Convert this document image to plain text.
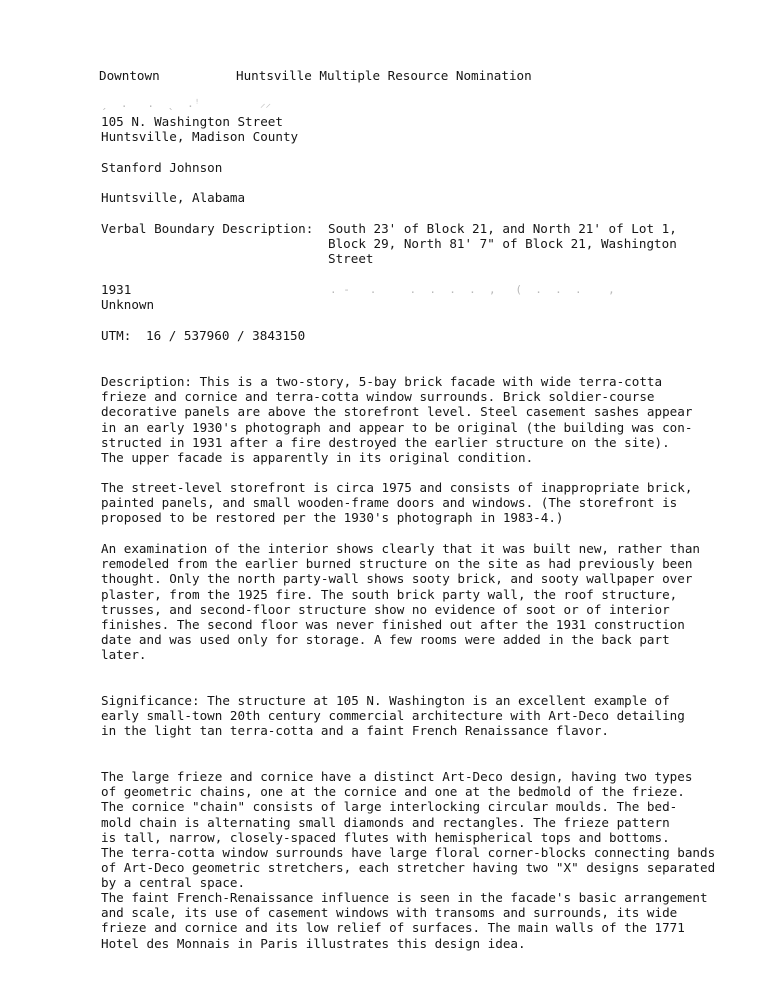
Downtown	Huntsville Multiple Resource Nomination
ˏ  .   .  ˎ  .ꜝ         ⸝⸝
105 N. Washington Street
Huntsville, Madison County
Stanford Johnson
Huntsville, Alabama
Verbal Boundary Description: South 23' of Block 21, and North 21' of Lot 1,
Block 29, North 81' 7" of Block 21, Washington
Street
1931	. -   .     .  .  .  .  ,   (  .  .  .    ,
Unknown
UTM: 16 / 537960 / 3843150
Description: This is a two-story, 5-bay brick facade with wide terra-cotta
frieze and cornice and terra-cotta window surrounds. Brick soldier-course
decorative panels are above the storefront level. Steel casement sashes appear
in an early 1930's photograph and appear to be original (the building was con-
structed in 1931 after a fire destroyed the earlier structure on the site).
The upper facade is apparently in its original condition.
The street-level storefront is circa 1975 and consists of inappropriate brick,
painted panels, and small wooden-frame doors and windows. (The storefront is
proposed to be restored per the 1930's photograph in 1983-4.)
An examination of the interior shows clearly that it was built new, rather than
remodeled from the earlier burned structure on the site as had previously been
thought. Only the north party-wall shows sooty brick, and sooty wallpaper over
plaster, from the 1925 fire. The south brick party wall, the roof structure,
trusses, and second-floor structure show no evidence of soot or of interior
finishes. The second floor was never finished out after the 1931 construction
date and was used only for storage. A few rooms were added in the back part
later.
Significance: The structure at 105 N. Washington is an excellent example of
early small-town 20th century commercial architecture with Art-Deco detailing
in the light tan terra-cotta and a faint French Renaissance flavor.
The large frieze and cornice have a distinct Art-Deco design, having two types
of geometric chains, one at the cornice and one at the bedmold of the frieze.
The cornice "chain" consists of large interlocking circular moulds. The bed-
mold chain is alternating small diamonds and rectangles. The frieze pattern
is tall, narrow, closely-spaced flutes with hemispherical tops and bottoms.
The terra-cotta window surrounds have large floral corner-blocks connecting bands
of Art-Deco geometric stretchers, each stretcher having two "X" designs separated
by a central space.
The faint French-Renaissance influence is seen in the facade's basic arrangement
and scale, its use of casement windows with transoms and surrounds, its wide
frieze and cornice and its low relief of surfaces. The main walls of the 1771
Hotel des Monnais in Paris illustrates this design idea.
